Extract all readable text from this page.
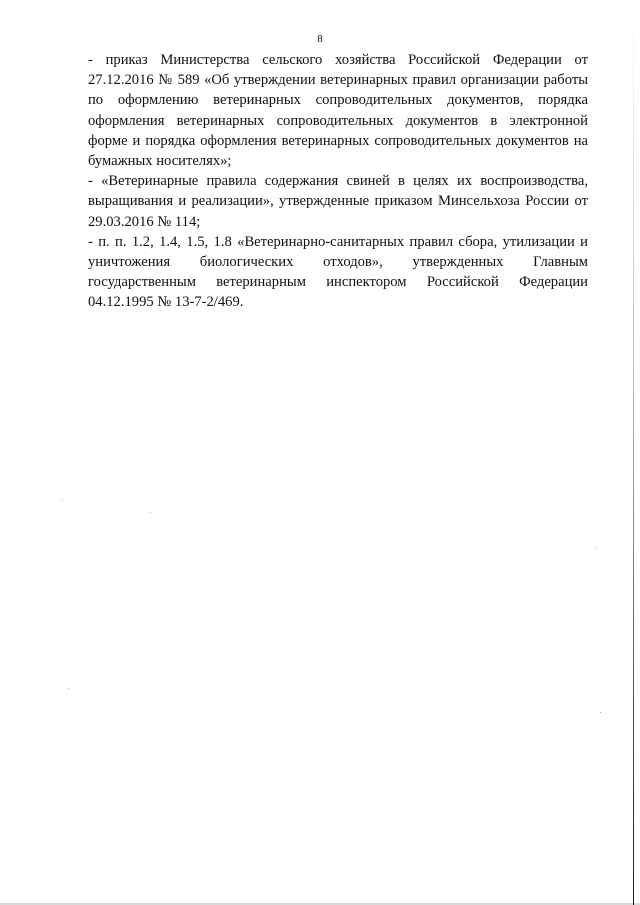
8

- приказ Министерства сельского хозяйства Российской Федерации от 27.12.2016 № 589 «Об утверждении ветеринарных правил организации работы по оформлению ветеринарных сопроводительных документов, порядка оформления ветеринарных сопроводительных документов в электронной форме и порядка оформления ветеринарных сопроводительных документов на бумажных носителях»;

- «Ветеринарные правила содержания свиней в целях их воспроизводства, выращивания и реализации», утвержденные приказом Минсельхоза России от 29.03.2016 № 114;

- п. п. 1.2, 1.4, 1.5, 1.8 «Ветеринарно-санитарных правил сбора, утилизации и уничтожения биологических отходов», утвержденных Главным государственным ветеринарным инспектором Российской Федерации 04.12.1995 № 13-7-2/469.
